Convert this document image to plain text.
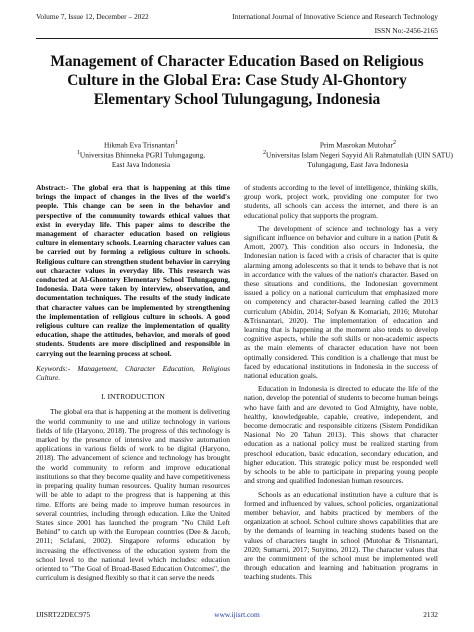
Volume 7, Issue 12, December – 2022	International Journal of Innovative Science and Research Technology
ISSN No:-2456-2165
Management of Character Education Based on Religious Culture in the Global Era: Case Study Al-Ghontory Elementary School Tulungagung, Indonesia
Hikmah Eva Trisnantari$^1$
$^1$Universitas Bhinneka PGRI Tulungagung,
East Java Indonesia
Prim Masrokan Mutohar$^2$
$^2$Universitas Islam Negeri Sayyid Ali Rahmatullah (UIN SATU) Tulungagung, East Java Indonesia

Abstract:- The global era that is happening at this time brings the impact of changes in the lives of the world's people. This change can be seen in the behavior and perspective of the community towards ethical values that exist in everyday life. This paper aims to describe the management of character education based on religious culture in elementary schools. Learning character values can be carried out by forming a religious culture in schools. Religious culture can strengthen student behavior in carrying out character values in everyday life. This research was conducted at Al-Ghontory Elementary School Tulungagung, Indonesia. Data were taken by interview, observation, and documentation techniques. The results of the study indicate that character values can be implemented by strengthening the implementation of religious culture in schools. A good religious culture can realize the implementation of quality education, shape the attitudes, behavior, and morals of good students. Students are more disciplined and responsible in carrying out the learning process at school.

Keywords:- Management, Character Education, Religious Culture.

I. INTRODUCTION

The global era that is happening at the moment is delivering the world community to use and utilize technology in various fields of life (Haryono, 2018). The progress of this technology is marked by the presence of intensive and massive automation applications in various fields of work to be digital (Haryono, 2018). The advancement of science and technology has brought the world community to reform and improve educational institutions so that they become quality and have competitiveness in preparing quality human resources. Quality human resources will be able to adapt to the progress that is happening at this time. Efforts are being made to improve human resources in several countries, including through education. Like the United States since 2001 has launched the program "No Child Left Behind" to catch up with the European countries (Dee & Jacob, 2011; Sclafani, 2002). Singapore reforms education by increasing the effectiveness of the education system from the school level to the national level which includes: education oriented to "The Goal of Broad-Based Education Outcomes", the curriculum is designed flexibly so that it can serve the needs

of students according to the level of intelligence, thinking skills, group work, project work, providing one computer for two students, all schools can access the internet, and there is an educational policy that supports the program.

The development of science and technology has a very significant influence on behavior and culture in a nation (Putit & Arnott, 2007). This condition also occurs in Indonesia, the Indonesian nation is faced with a crisis of character that is quite alarming among adolescents so that it tends to behave that is not in accordance with the values of the nation's character. Based on these situations and conditions, the Indonesian government issued a policy on a national curriculum that emphasized more on competency and character-based learning called the 2013 curriculum (Abidin, 2014; Sofyan & Komariah, 2016; Mutohar &Trisnantari, 2020). The implementation of education and learning that is happening at the moment also tends to develop cognitive aspects, while the soft skills or non-academic aspects as the main elements of character education have not been optimally considered. This condition is a challenge that must be faced by educational institutions in Indonesia in the success of national education goals.

Education in Indonesia is directed to educate the life of the nation, develop the potential of students to become human beings who have faith and are devoted to God Almighty, have noble, healthy, knowledgeable, capable, creative, independent, and become democratic and responsible citizens (Sistem Pendidikan Nasional No 20 Tahun 2013). This shows that character education as a national policy must be realized starting from preschool education, basic education, secondary education, and higher education. This strategic policy must be responded well by schools to be able to participate in preparing young people and strong and qualified Indonesian human resources.

Schools as an educational institution have a culture that is formed and influenced by values, school policies, organizational member behavior, and habits practiced by members of the organization at school. School culture shows capabilities that are by the demands of learning in teaching students based on the values of characters taught in school (Mutohar & Trisnantari, 2020; Sumarni, 2017; Sutyitno, 2012). The character values that are the commitment of the school must be implemented well through education and learning and habituation programs in teaching students. This

IJISRT22DEC975	www.ijisrt.com	2132
